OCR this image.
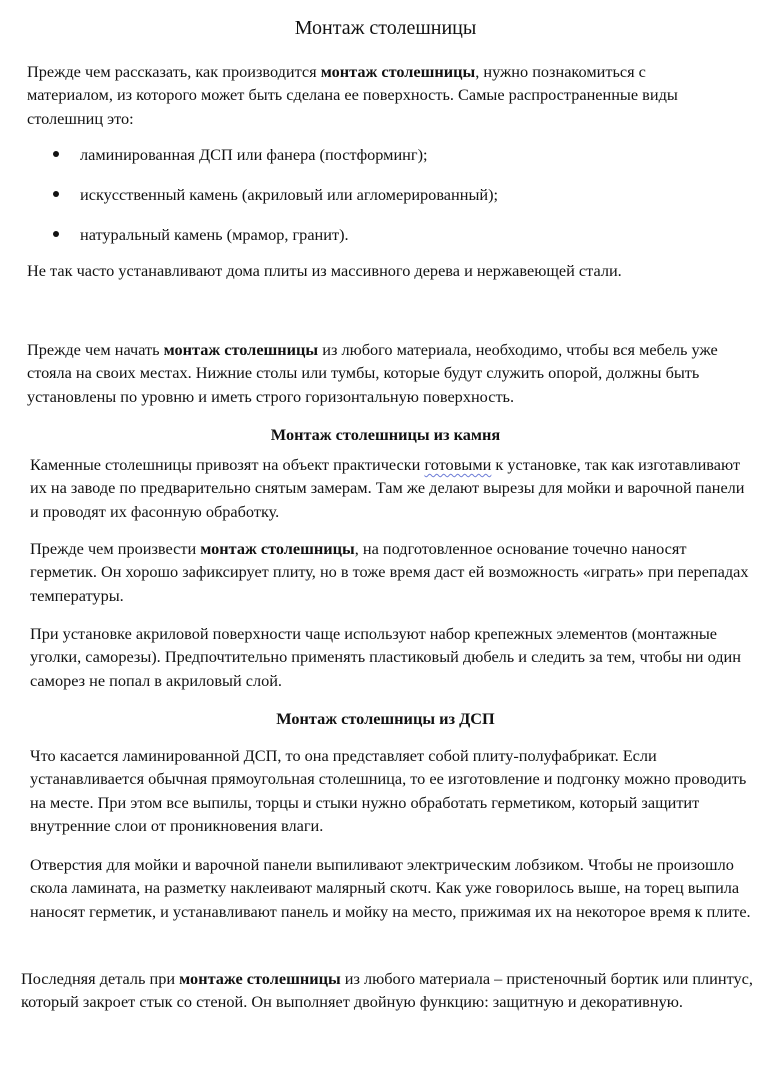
Монтаж столешницы

Прежде чем рассказать, как производится монтаж столешницы, нужно познакомиться с материалом, из которого может быть сделана ее поверхность. Самые распространенные виды столешниц это:

ламинированная ДСП или фанера (постформинг);
искусственный камень (акриловый или агломерированный);
натуральный камень (мрамор, гранит).

Не так часто устанавливают дома плиты из массивного дерева и нержавеющей стали.

Прежде чем начать монтаж столешницы из любого материала, необходимо, чтобы вся мебель уже стояла на своих местах. Нижние столы или тумбы, которые будут служить опорой, должны быть установлены по уровню и иметь строго горизонтальную поверхность.

Монтаж столешницы из камня

Каменные столешницы привозят на объект практически готовыми к установке, так как изготавливают их на заводе по предварительно снятым замерам. Там же делают вырезы для мойки и варочной панели и проводят их фасонную обработку.

Прежде чем произвести монтаж столешницы, на подготовленное основание точечно наносят герметик. Он хорошо зафиксирует плиту, но в тоже время даст ей возможность «играть» при перепадах температуры.

При установке акриловой поверхности чаще используют набор крепежных элементов (монтажные уголки, саморезы). Предпочтительно применять пластиковый дюбель и следить за тем, чтобы ни один саморез не попал в акриловый слой.

Монтаж столешницы из ДСП

Что касается ламинированной ДСП, то она представляет собой плиту-полуфабрикат. Если устанавливается обычная прямоугольная столешница, то ее изготовление и подгонку можно проводить на месте. При этом все выпилы, торцы и стыки нужно обработать герметиком, который защитит внутренние слои от проникновения влаги.

Отверстия для мойки и варочной панели выпиливают электрическим лобзиком. Чтобы не произошло скола ламината, на разметку наклеивают малярный скотч. Как уже говорилось выше, на торец выпила наносят герметик, и устанавливают панель и мойку на место, прижимая их на некоторое время к плите.

Последняя деталь при монтаже столешницы из любого материала – пристеночный бортик или плинтус, который закроет стык со стеной. Он выполняет двойную функцию: защитную и декоративную.
